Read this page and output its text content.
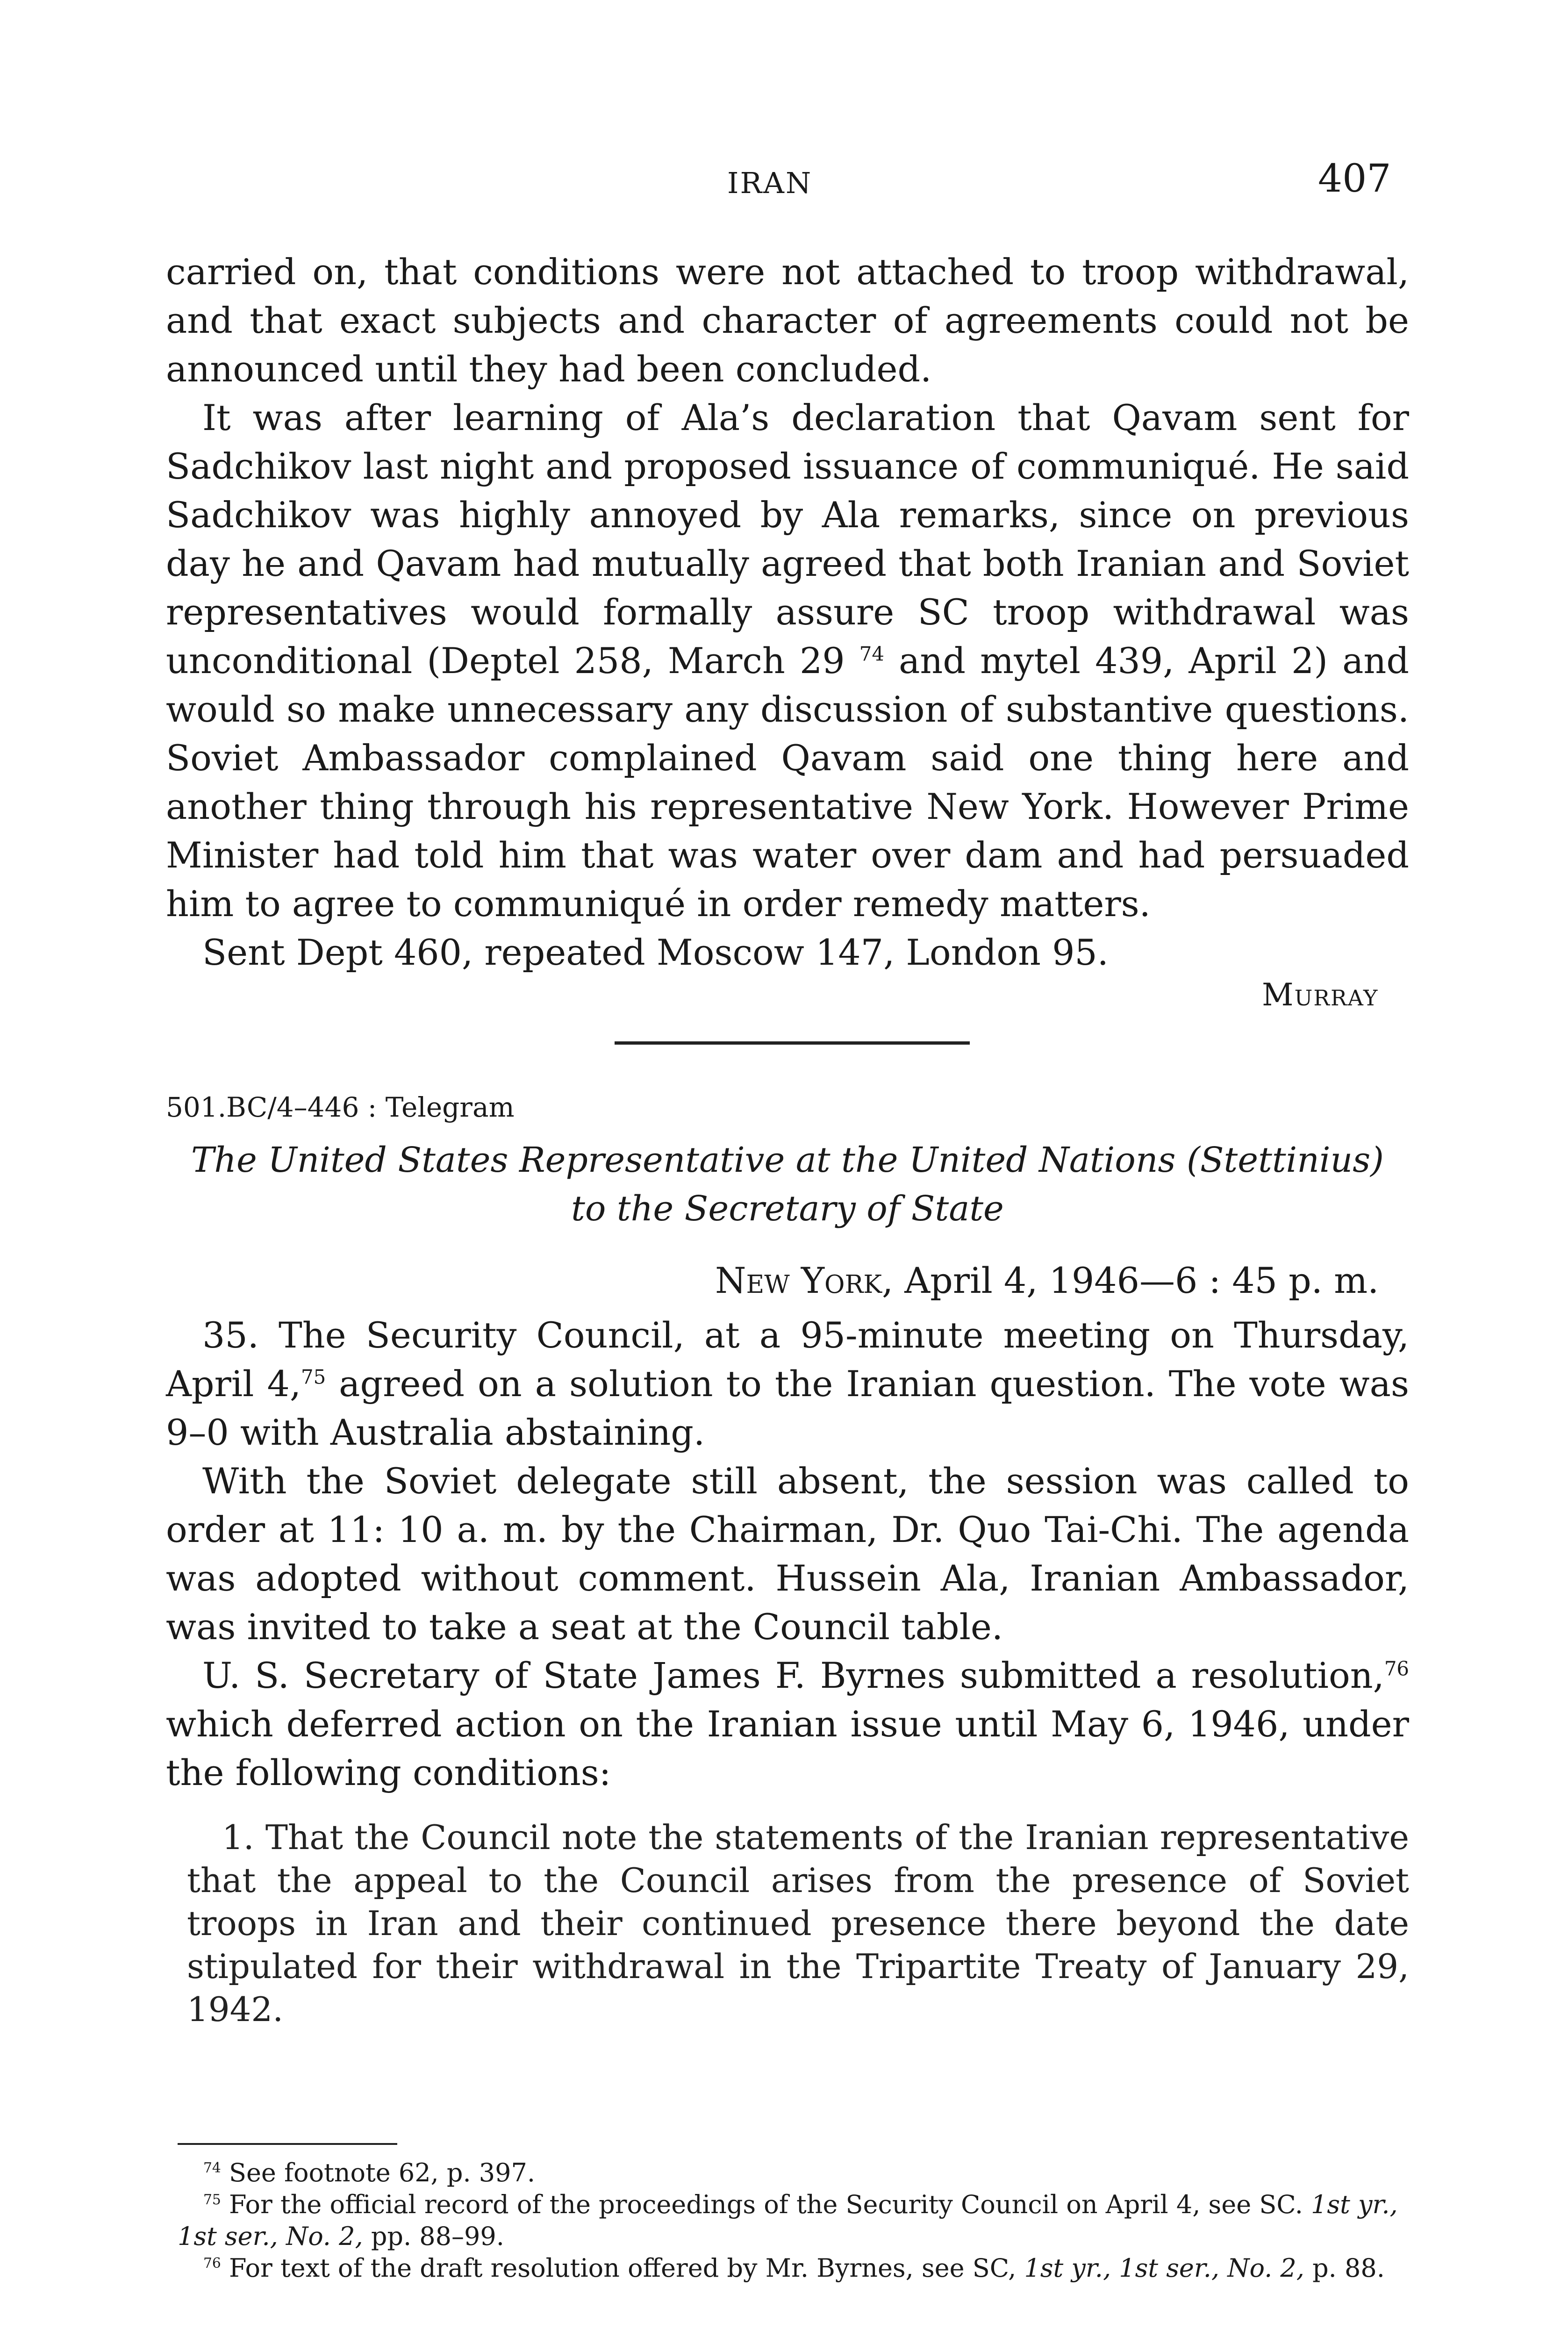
IRAN	407

carried on, that conditions were not attached to troop withdrawal, and that exact subjects and character of agreements could not be announced until they had been concluded.

It was after learning of Ala’s declaration that Qavam sent for Sadchikov last night and proposed issuance of communiqué. He said Sadchikov was highly annoyed by Ala remarks, since on previous day he and Qavam had mutually agreed that both Iranian and Soviet representatives would formally assure SC troop withdrawal was unconditional (Deptel 258, March 29 $^{74}$ and mytel 439, April 2) and would so make unnecessary any discussion of substantive questions. Soviet Ambassador complained Qavam said one thing here and another thing through his representative New York. However Prime Minister had told him that was water over dam and had persuaded him to agree to communiqué in order remedy matters.

Sent Dept 460, repeated Moscow 147, London 95.

Murray
501.BC/4–446 : Telegram
The United States Representative at the United Nations (Stettinius)
to the Secretary of State
New York, April 4, 1946—6 : 45 p. m.

35. The Security Council, at a 95-minute meeting on Thursday, April 4,75 agreed on a solution to the Iranian question. The vote was 9–0 with Australia abstaining.

With the Soviet delegate still absent, the session was called to order at 11: 10 a. m. by the Chairman, Dr. Quo Tai-Chi. The agenda was adopted without comment. Hussein Ala, Iranian Ambassador, was invited to take a seat at the Council table.

U. S. Secretary of State James F. Byrnes submitted a resolution,$^{76}$ which deferred action on the Iranian issue until May 6, 1946, under the following conditions:

1. That the Council note the statements of the Iranian representative that the appeal to the Council arises from the presence of Soviet troops in Iran and their continued presence there beyond the date stipulated for their withdrawal in the Tripartite Treaty of January 29, 1942.

$^{74}$ See footnote 62, p. 397.

$^{75}$ For the official record of the proceedings of the Security Council on April 4, see SC. 1st yr., 1st ser., No. 2, pp. 88–99.

$^{76}$ For text of the draft resolution offered by Mr. Byrnes, see SC, 1st yr., 1st ser., No. 2, p. 88.
